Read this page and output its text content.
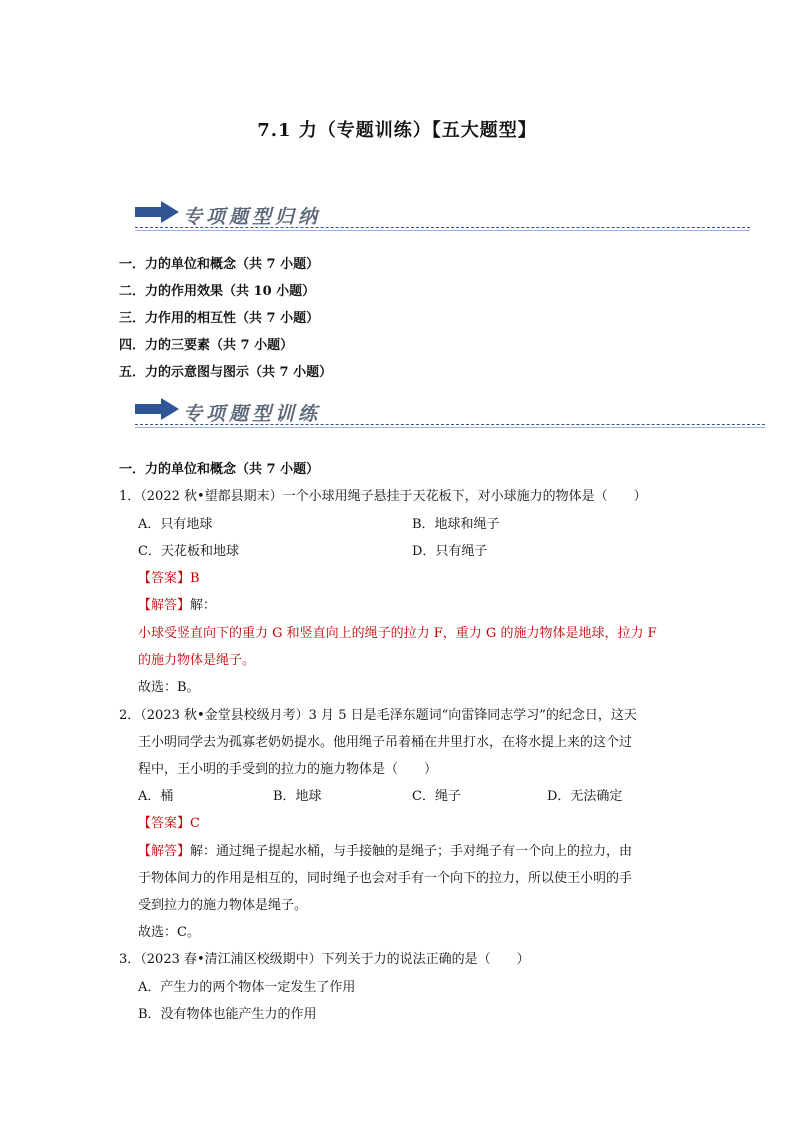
7.1 力（专题训练）【五大题型】
专项题型归纳
一．力的单位和概念（共 7 小题）
二．力的作用效果（共 10 小题）
三．力作用的相互性（共 7 小题）
四．力的三要素（共 7 小题）
五．力的示意图与图示（共 7 小题）
专项题型训练
一．力的单位和概念（共 7 小题）
1．（2022 秋•望都县期末）一个小球用绳子悬挂于天花板下，对小球施力的物体是（　　）
A．只有地球	B．地球和绳子
C．天花板和地球	D．只有绳子
【答案】B
【解答】解：
小球受竖直向下的重力 G 和竖直向上的绳子的拉力 F，重力 G 的施力物体是地球，拉力 F
的施力物体是绳子。
故选：B。
2．（2023 秋•金堂县校级月考）3 月 5 日是毛泽东题词“向雷锋同志学习”的纪念日，这天
王小明同学去为孤寡老奶奶提水。他用绳子吊着桶在井里打水，在将水提上来的这个过
程中，王小明的手受到的拉力的施力物体是（　　）
A．桶	B．地球	C．绳子	D．无法确定
【答案】C
【解答】解：通过绳子提起水桶，与手接触的是绳子；手对绳子有一个向上的拉力，由
于物体间力的作用是相互的，同时绳子也会对手有一个向下的拉力，所以使王小明的手
受到拉力的施力物体是绳子。
故选：C。
3．（2023 春•清江浦区校级期中）下列关于力的说法正确的是（　　）
A．产生力的两个物体一定发生了作用
B．没有物体也能产生力的作用
